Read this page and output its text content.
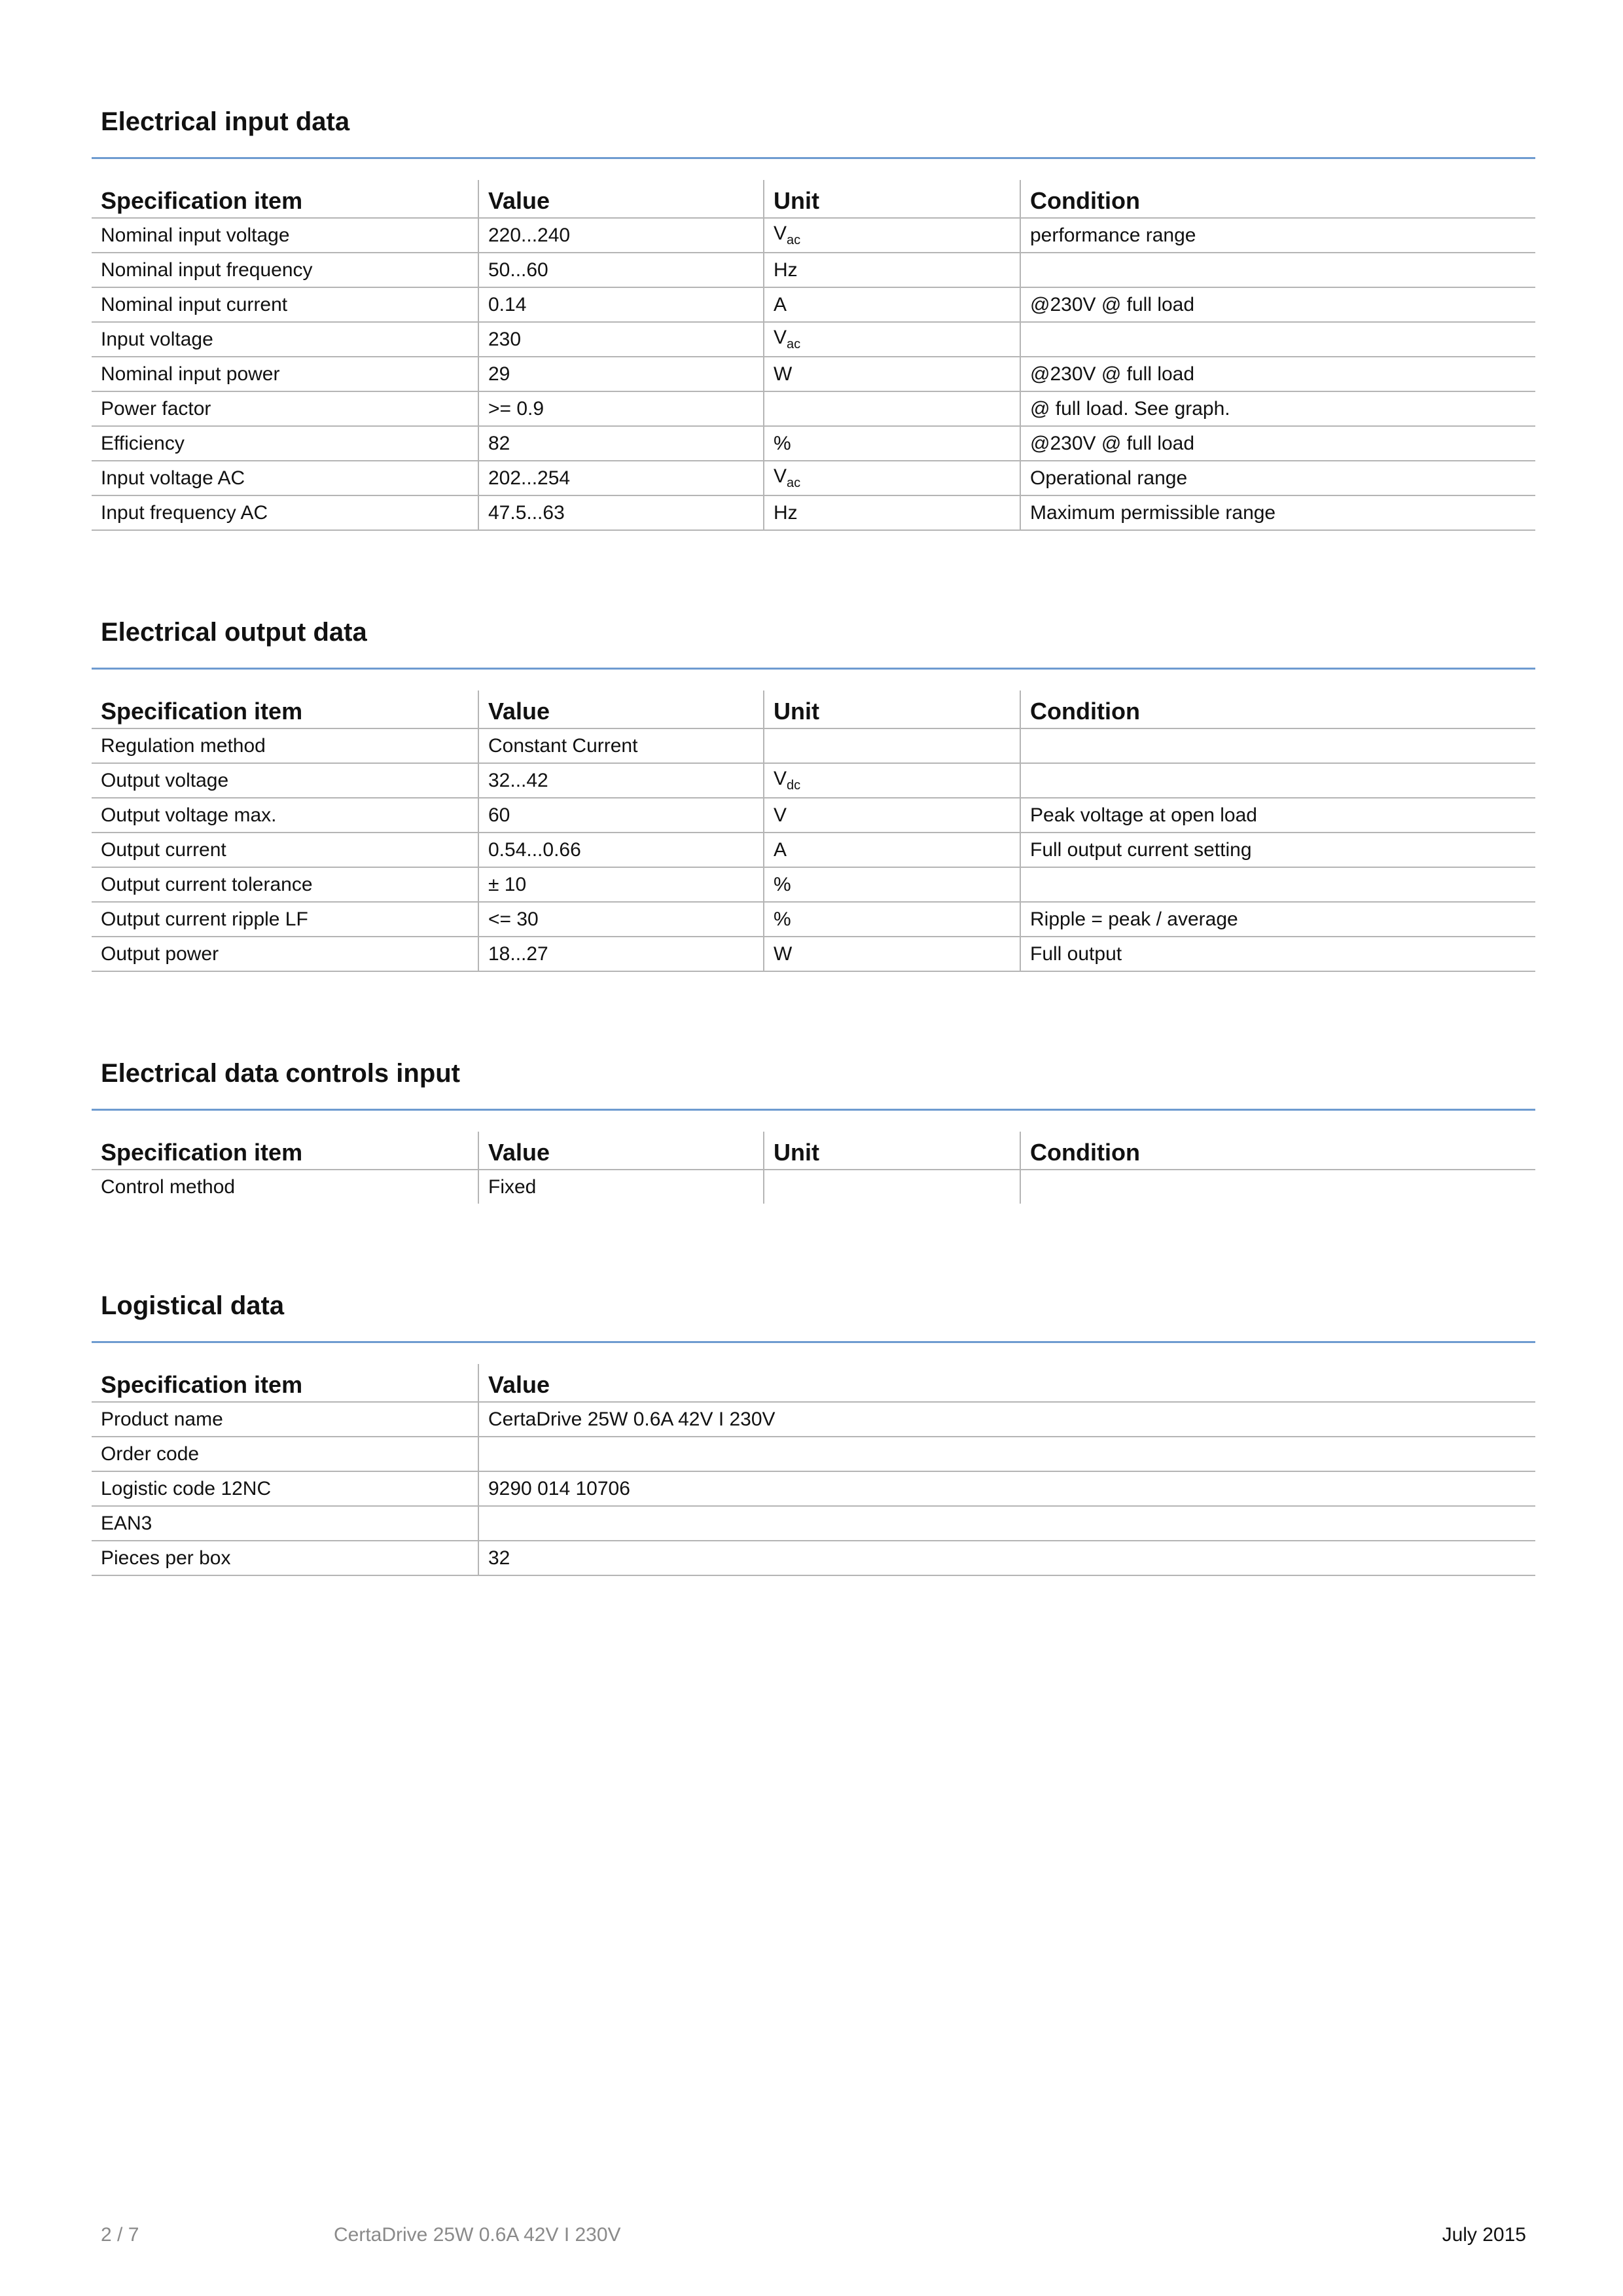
Electrical input data
Specification item	Value	Unit	Condition
Nominal input voltage	220...240	$V_{ac}$	performance range
Nominal input frequency	50...60	Hz	
Nominal input current	0.14	A	@230V @ full load
Input voltage	230	$V_{ac}$	
Nominal input power	29	W	@230V @ full load
Power factor	>= 0.9		@ full load. See graph.
Efficiency	82	%	@230V @ full load
Input voltage AC	202...254	$V_{ac}$	Operational range
Input frequency AC	47.5...63	Hz	Maximum permissible range
Electrical output data
Specification item	Value	Unit	Condition
Regulation method	Constant Current		
Output voltage	32...42	$V_{dc}$	
Output voltage max.	60	V	Peak voltage at open load
Output current	0.54...0.66	A	Full output current setting
Output current tolerance	± 10	%	
Output current ripple LF	<= 30	%	Ripple = peak / average
Output power	18...27	W	Full output
Electrical data controls input
Specification item	Value	Unit	Condition
Control method	Fixed		
Logistical data
Specification item	Value
Product name	CertaDrive 25W 0.6A 42V I 230V
Order code	
Logistic code 12NC	9290 014 10706
EAN3	
Pieces per box	32
2 / 7	CertaDrive 25W 0.6A 42V I 230V	July 2015
